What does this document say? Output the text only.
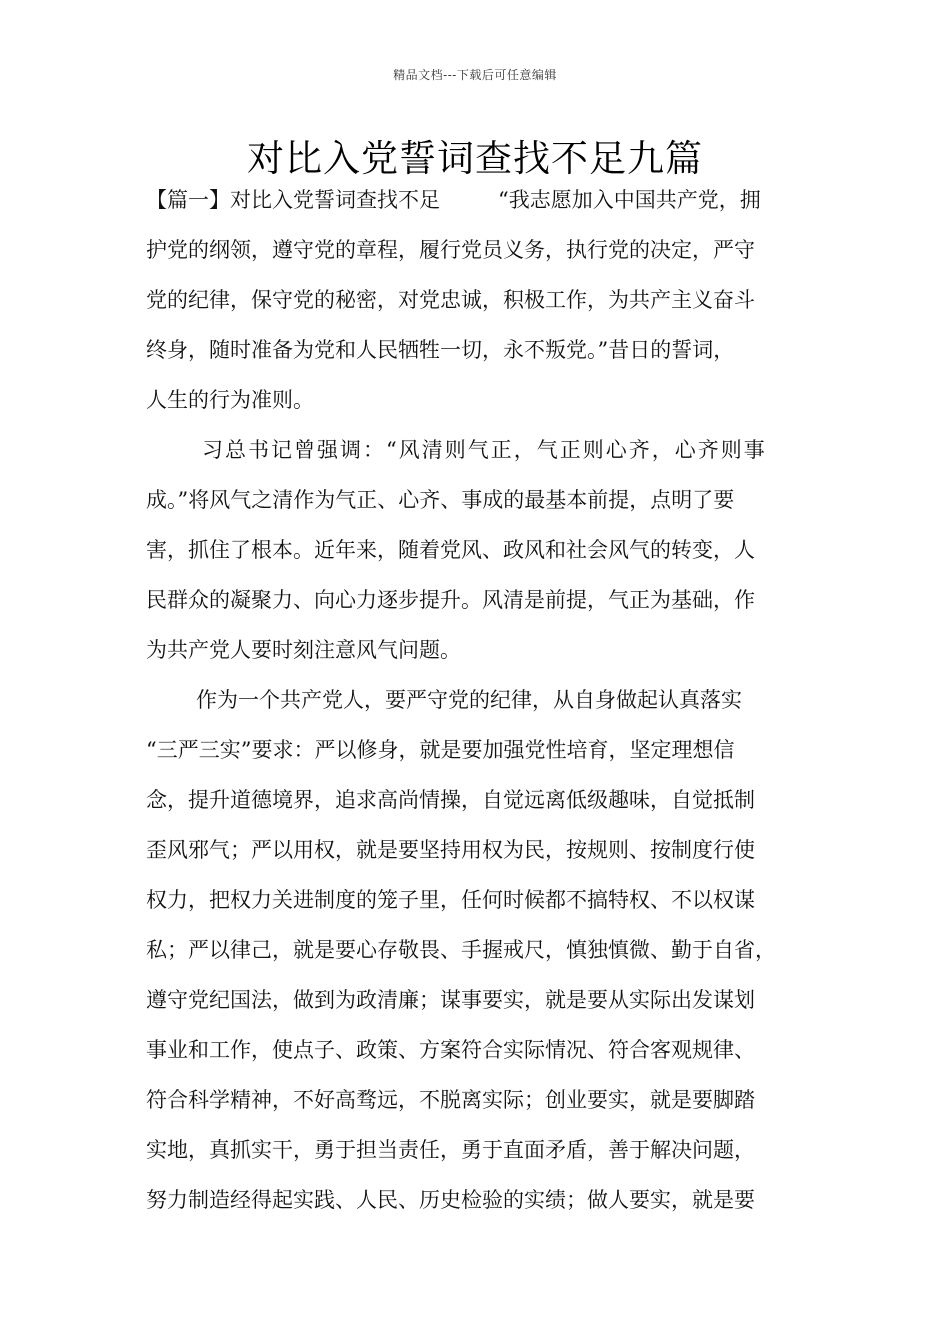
精品文档---下载后可任意编辑
对比入党誓词查找不足九篇
【篇一】对比入党誓词查找不足	“我志愿加入中国共产党，拥
护党的纲领，遵守党的章程，履行党员义务，执行党的决定，严守
党的纪律，保守党的秘密，对党忠诚，积极工作，为共产主义奋斗
终身，随时准备为党和人民牺牲一切，永不叛党。”昔日的誓词，
人生的行为准则。
习总书记曾强调：“风清则气正，气正则心齐，心齐则事
成。”将风气之清作为气正、心齐、事成的最基本前提，点明了要
害，抓住了根本。近年来，随着党风、政风和社会风气的转变，人
民群众的凝聚力、向心力逐步提升。风清是前提，气正为基础，作
为共产党人要时刻注意风气问题。
作为一个共产党人，要严守党的纪律，从自身做起认真落实
“三严三实”要求：严以修身，就是要加强党性培育，坚定理想信
念，提升道德境界，追求高尚情操，自觉远离低级趣味，自觉抵制
歪风邪气；严以用权，就是要坚持用权为民，按规则、按制度行使
权力，把权力关进制度的笼子里，任何时候都不搞特权、不以权谋
私；严以律己，就是要心存敬畏、手握戒尺，慎独慎微、勤于自省，
遵守党纪国法，做到为政清廉；谋事要实，就是要从实际出发谋划
事业和工作，使点子、政策、方案符合实际情况、符合客观规律、
符合科学精神，不好高骛远，不脱离实际；创业要实，就是要脚踏
实地，真抓实干，勇于担当责任，勇于直面矛盾，善于解决问题，
努力制造经得起实践、人民、历史检验的实绩；做人要实，就是要
